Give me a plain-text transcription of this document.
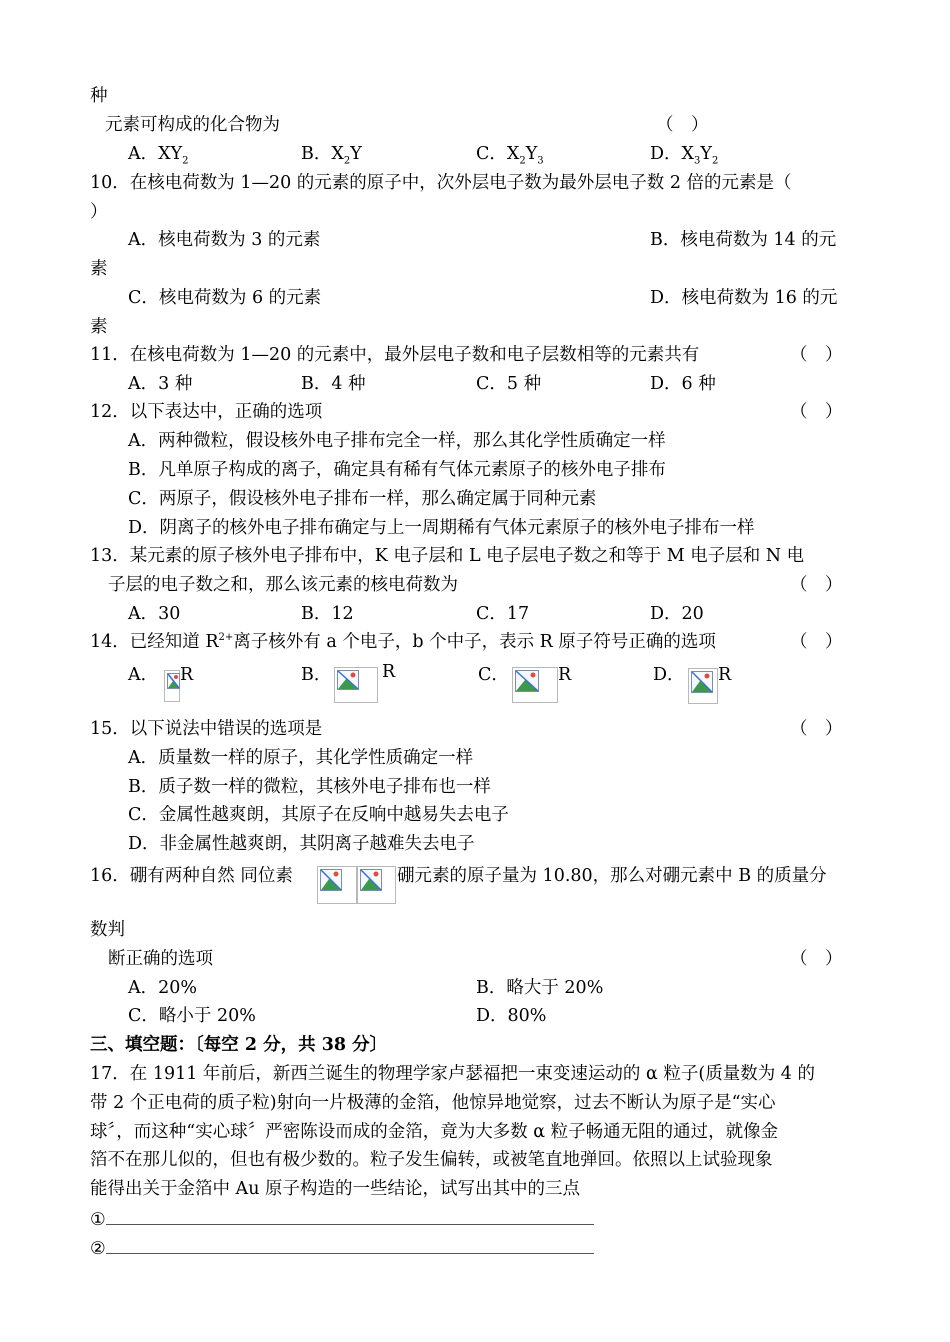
种
元素可构成的化合物为	（　）
A．$XY_2$	B．$X_2Y$	C．$X_2Y_3$	D．$X_3Y_2$
10．在核电荷数为 1—20 的元素的原子中，次外层电子数为最外层电子数 2 倍的元素是（
）
A．核电荷数为 3 的元素	B．核电荷数为 14 的元
素
C．核电荷数为 6 的元素	D．核电荷数为 16 的元
素
11．在核电荷数为 1—20 的元素中，最外层电子数和电子层数相等的元素共有	（　）
A．3 种	B．4 种	C．5 种	D．6 种
12．以下表达中，正确的选项	（　）
A．两种微粒，假设核外电子排布完全一样，那么其化学性质确定一样
B．凡单原子构成的离子，确定具有稀有气体元素原子的核外电子排布
C．两原子，假设核外电子排布一样，那么确定属于同种元素
D．阴离子的核外电子排布确定与上一周期稀有气体元素原子的核外电子排布一样
13．某元素的原子核外电子排布中，K 电子层和 L 电子层电子数之和等于 M 电子层和 N 电
子层的电子数之和，那么该元素的核电荷数为	（　）
A．30	B．12	C．17	D．20
14．已经知道 $R^{2+}$离子核外有 a 个电子，b 个中子，表示 R 原子符号正确的选项	（　）
A． R	B．	R	C．	R	D． R
15．以下说法中错误的选项是	（　）
A．质量数一样的原子，其化学性质确定一样
B．质子数一样的微粒，其核外电子排布也一样
C．金属性越爽朗，其原子在反响中越易失去电子
D．非金属性越爽朗，其阴离子越难失去电子
16．硼有两种自然 同位素	硼元素的原子量为 10.80，那么对硼元素中 B 的质量分
数判
断正确的选项	（　）
A．20%	B．略大于 20%
C．略小于 20%	D．80%
三、填空题：〔每空 2 分，共 38 分〕
17．在 1911 年前后，新西兰诞生的物理学家卢瑟福把一束变速运动的 α 粒子(质量数为 4 的
带 2 个正电荷的质子粒)射向一片极薄的金箔，他惊异地觉察，过去不断认为原子是“实心
球〞，而这种“实心球〞严密陈设而成的金箔，竟为大多数 α 粒子畅通无阻的通过，就像金
箔不在那儿似的，但也有极少数的。粒子发生偏转，或被笔直地弹回。依照以上试验现象
能得出关于金箔中 Au 原子构造的一些结论，试写出其中的三点
①
②
